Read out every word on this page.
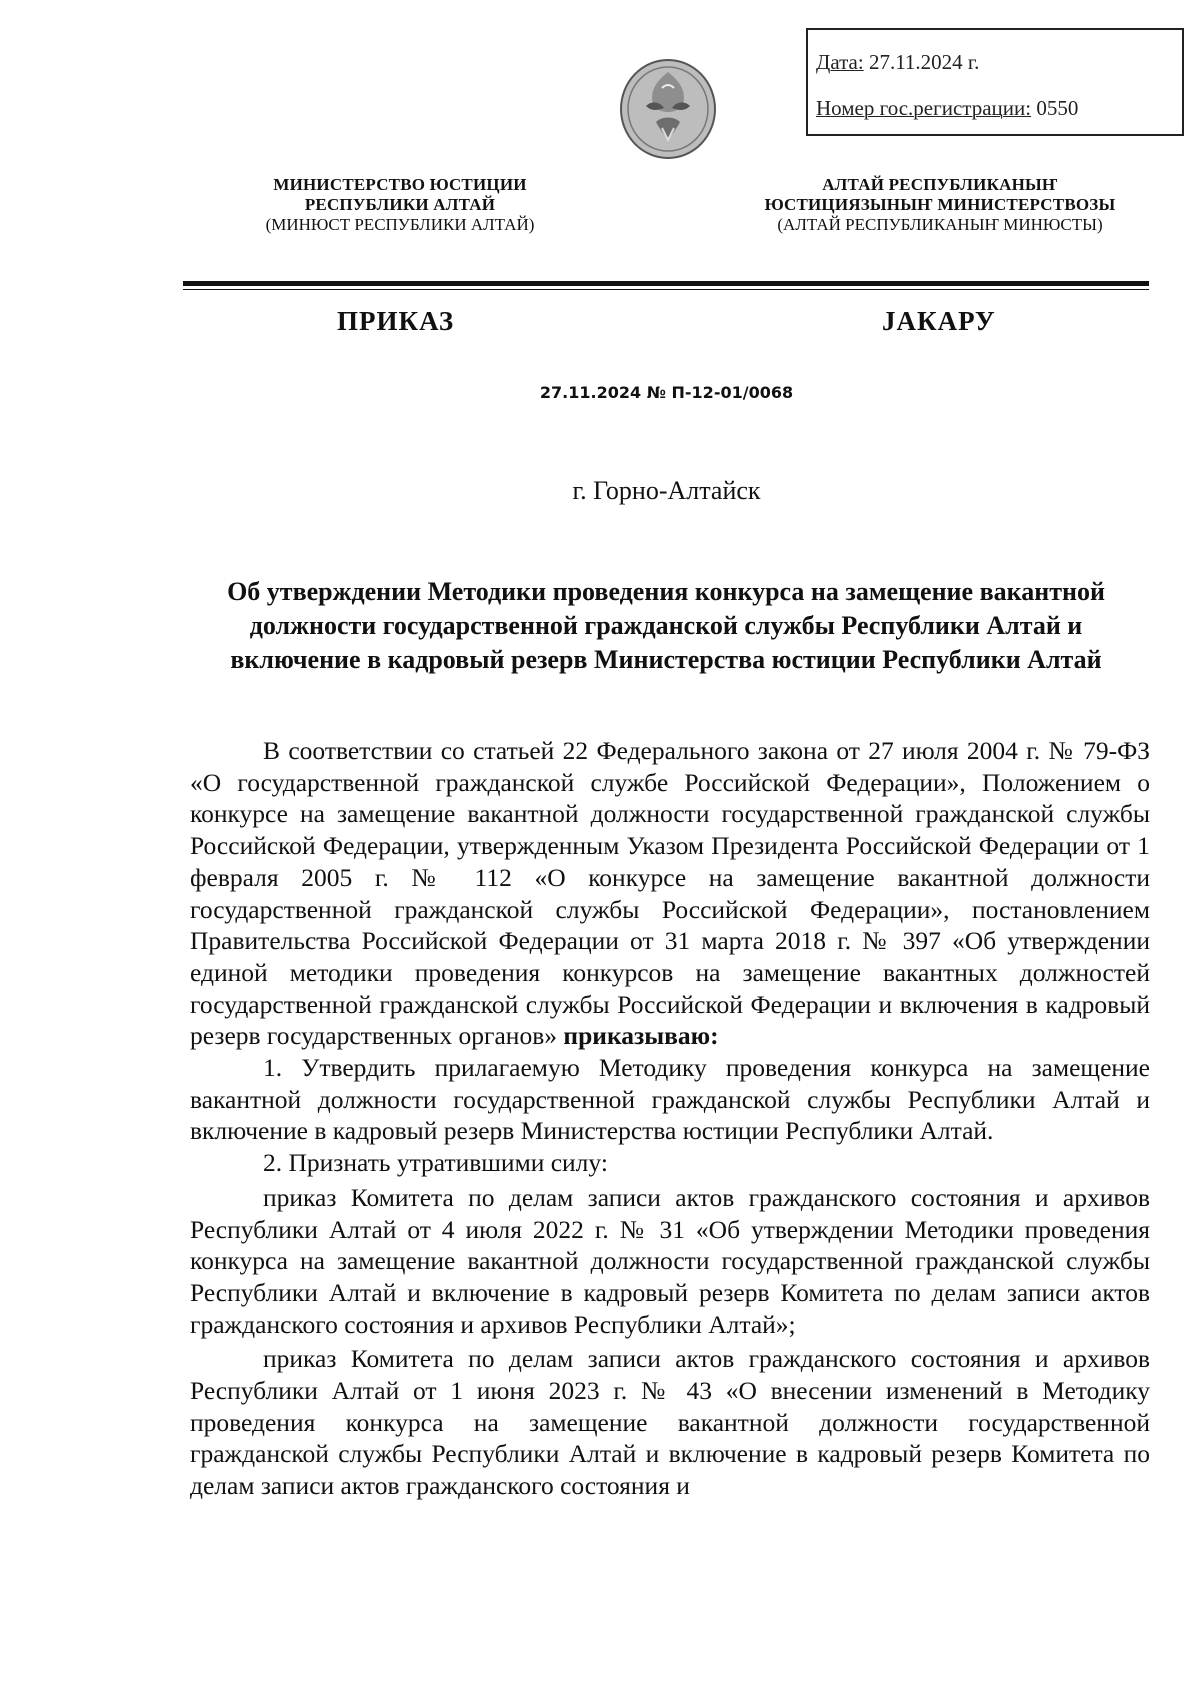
Дата: 27.11.2024 г.
Номер гос.регистрации: 0550
МИНИСТЕРСТВО ЮСТИЦИИ
РЕСПУБЛИКИ АЛТАЙ
(МИНЮСТ РЕСПУБЛИКИ АЛТАЙ)
АЛТАЙ РЕСПУБЛИКАНЫҤ
ЮСТИЦИЯЗЫНЫҤ МИНИСТЕРСТВОЗЫ
(АЛТАЙ РЕСПУБЛИКАНЫҤ МИНЮСТЫ)
ПРИКАЗ	ЈАКАРУ
27.11.2024 № П-12-01/0068
г. Горно-Алтайск
Об утверждении Методики проведения конкурса на замещение вакантной должности государственной гражданской службы Республики Алтай и включение в кадровый резерв Министерства юстиции Республики Алтай

В соответствии со статьей 22 Федерального закона от 27 июля 2004 г. № 79-ФЗ «О государственной гражданской службе Российской Федерации», Положением о конкурсе на замещение вакантной должности государственной гражданской службы Российской Федерации, утвержденным Указом Президента Российской Федерации от 1 февраля 2005 г. № 112 «О конкурсе на замещение вакантной должности государственной гражданской службы Российской Федерации», постановлением Правительства Российской Федерации от 31 марта 2018 г. № 397 «Об утверждении единой методики проведения конкурсов на замещение вакантных должностей государственной гражданской службы Российской Федерации и включения в кадровый резерв государственных органов» приказываю:

1. Утвердить прилагаемую Методику проведения конкурса на замещение вакантной должности государственной гражданской службы Республики Алтай и включение в кадровый резерв Министерства юстиции Республики Алтай.

2. Признать утратившими силу:

приказ Комитета по делам записи актов гражданского состояния и архивов Республики Алтай от 4 июля 2022 г. № 31 «Об утверждении Методики проведения конкурса на замещение вакантной должности государственной гражданской службы Республики Алтай и включение в кадровый резерв Комитета по делам записи актов гражданского состояния и архивов Республики Алтай»;

приказ Комитета по делам записи актов гражданского состояния и архивов Республики Алтай от 1 июня 2023 г. № 43 «О внесении изменений в Методику проведения конкурса на замещение вакантной должности государственной гражданской службы Республики Алтай и включение в кадровый резерв Комитета по делам записи актов гражданского состояния и
